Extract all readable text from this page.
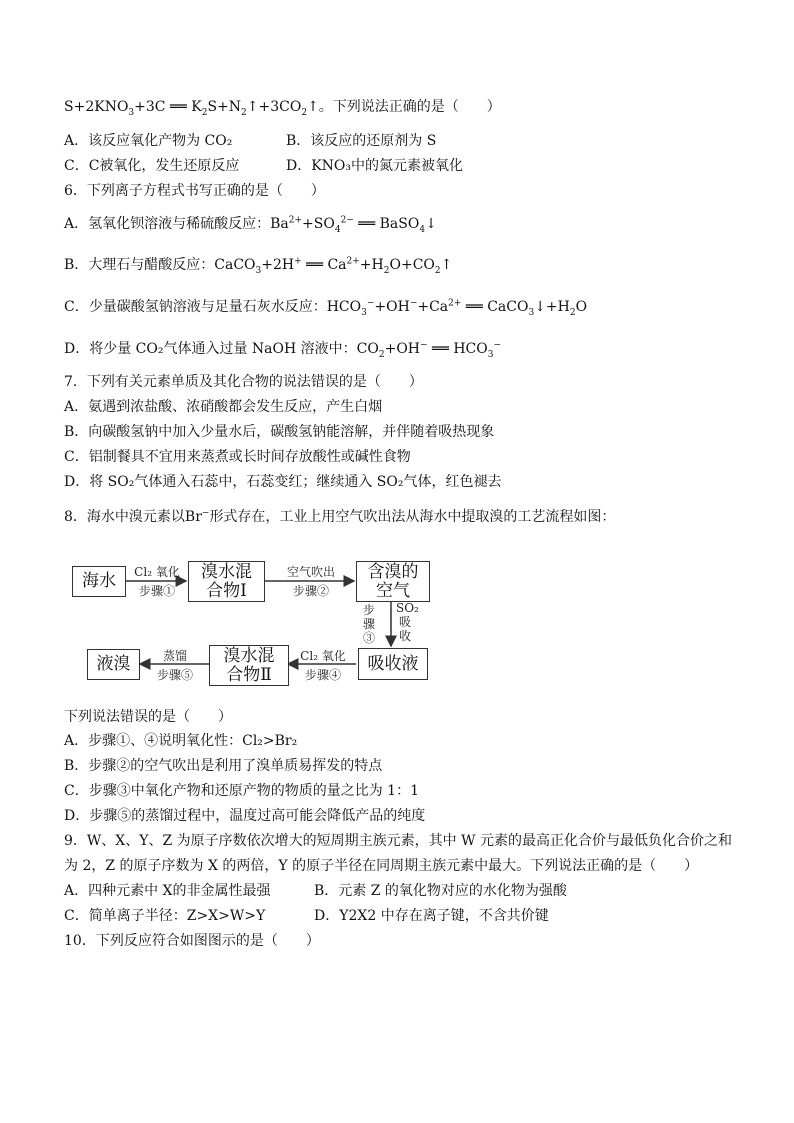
$S+2KNO_3+3C$ ══ $K_2S+N_2↑+3CO_2↑$。下列说法正确的是（　　）
A．该反应氧化产物为 CO₂	B．该反应的还原剂为 S
C．C被氧化，发生还原反应	D．KNO₃中的氮元素被氧化
6．下列离子方程式书写正确的是（　　）
A．氢氧化钡溶液与稀硫酸反应：$Ba^{2+}+SO_4^{2-}$ ══ BaSO$_4$↓
B．大理石与醋酸反应：CaCO$_3$+2H+ ══ $Ca^{2+}+H_2O+CO_2↑$
C．少量碳酸氢钠溶液与足量石灰水反应：$HCO_3^-+OH^-+Ca^{2+}$ ══ $CaCO_3↓+H_2O$
D．将少量 CO₂气体通入过量 NaOH 溶液中：$CO_2+OH^-$ ══ $HCO_3^-$
7．下列有关元素单质及其化合物的说法错误的是（　　）
A．氨遇到浓盐酸、浓硝酸都会发生反应，产生白烟
B．向碳酸氢钠中加入少量水后，碳酸氢钠能溶解，并伴随着吸热现象
C．铝制餐具不宜用来蒸煮或长时间存放酸性或碱性食物
D．将 SO₂气体通入石蕊中，石蕊变红；继续通入 SO₂气体，红色褪去
8．海水中溴元素以Br−形式存在，工业上用空气吹出法从海水中提取溴的工艺流程如图：
海水	溴水混
合物Ⅰ
含溴的
空气
吸收液
溴水混
合物Ⅱ
液溴
Cl₂ 氧化
步骤①
空气吹出
步骤②
步骤③
SO₂吸收
Cl₂ 氧化
步骤④
蒸馏
步骤⑤
下列说法错误的是（　　）
A．步骤①、④说明氧化性：Cl₂>Br₂
B．步骤②的空气吹出是利用了溴单质易挥发的特点
C．步骤③中氧化产物和还原产物的物质的量之比为 1：1
D．步骤⑤的蒸馏过程中，温度过高可能会降低产品的纯度
9．W、X、Y、Z 为原子序数依次增大的短周期主族元素，其中 W 元素的最高正化合价与最低负化合价之和
为 2，Z 的原子序数为 X 的两倍，Y 的原子半径在同周期主族元素中最大。下列说法正确的是（　　）
A．四种元素中 X的非金属性最强	B．元素 Z 的氧化物对应的水化物为强酸
C．简单离子半径：Z>X>W>Y	D．Y2X2 中存在离子键，不含共价键
10．下列反应符合如图图示的是（　　）
